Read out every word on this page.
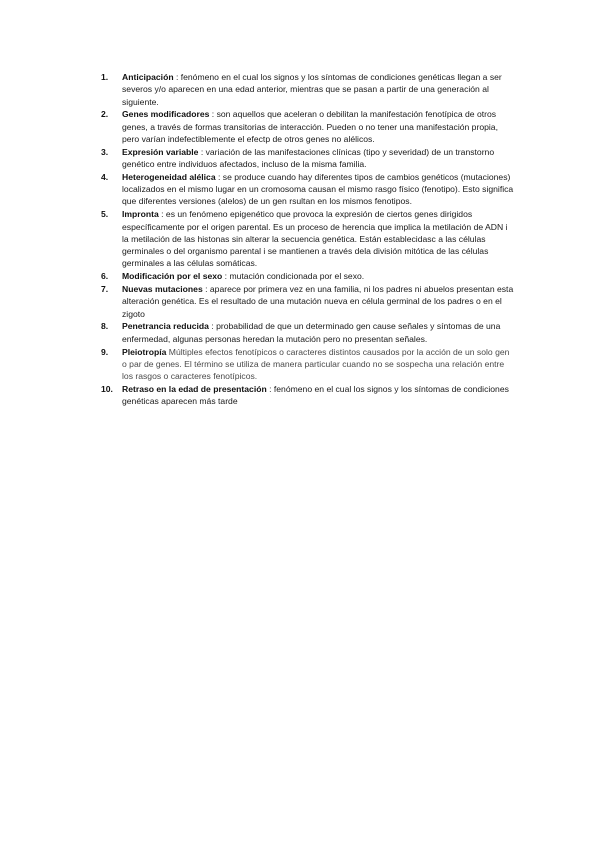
1. Anticipación : fenómeno en el cual los signos y los síntomas de condiciones genéticas llegan a ser severos y/o aparecen en una edad anterior, mientras que se pasan a partir de una generación al siguiente.
2. Genes modificadores : son aquellos que aceleran o debilitan la manifestación fenotípica de otros genes, a través de formas transitorias de interacción. Pueden o no tener una manifestación propia, pero varían indefectiblemente el efectp de otros genes no alélicos.
3. Expresión variable : variación de las manifestaciones clínicas (tipo y severidad) de un transtorno genético entre individuos afectados, incluso de la misma familia.
4. Heterogeneidad alélica : se produce cuando hay diferentes tipos de cambios genéticos (mutaciones) localizados en el mismo lugar en un cromosoma causan el mismo rasgo físico (fenotipo). Esto significa que diferentes versiones (alelos) de un gen rsultan en los mismos fenotipos.
5. Impronta : es un fenómeno epigenético que provoca la expresión de ciertos genes dirigidos específicamente por el origen parental. Es un proceso de herencia que implica la metilación de ADN i la metilación de las histonas sin alterar la secuencia genética. Están establecidasc a las células germinales o del organismo parental i se mantienen a través dela división mitótica de las células germinales a las células somáticas.
6. Modificación por el sexo : mutación condicionada por el sexo.
7. Nuevas mutaciones : aparece por primera vez en una familia, ni los padres ni abuelos presentan esta alteración genética. Es el resultado de una mutación nueva en célula germinal de los padres o en el zigoto
8. Penetrancia reducida : probabilidad de que un determinado gen cause señales y síntomas de una enfermedad, algunas personas heredan la mutación pero no presentan señales.
9. Pleiotropía Múltiples efectos fenotípicos o caracteres distintos causados por la acción de un solo gen o par de genes. El término se utiliza de manera particular cuando no se sospecha una relación entre los rasgos o caracteres fenotípicos.
10. Retraso en la edad de presentación : fenómeno en el cual los signos y los síntomas de condiciones genéticas aparecen más tarde
